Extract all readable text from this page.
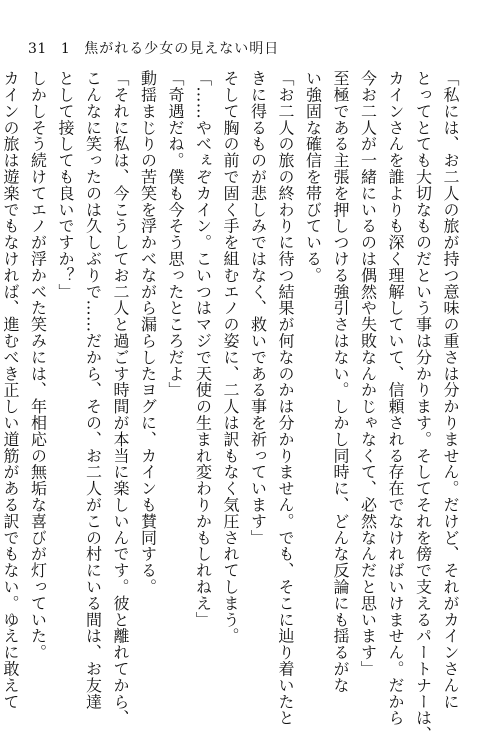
31 1 焦がれる少女の見えない明日
「私には、お二人の旅が持つ意味の重さは分かりません。だけど、それがカインさんに
とってとても大切なものだという事は分かります。そしてそれを傍で支えるパートナーは、
カインさんを誰よりも深く理解していて、信頼される存在でなければいけません。だから
今お二人が一緒にいるのは偶然や失敗なんかじゃなくて、必然なんだと思います」
至極である主張を押しつける強引さはない。しかし同時に、どんな反論にも揺るがな
い強固な確信を帯びている。
「お二人の旅の終わりに待つ結果が何なのかは分かりません。でも、そこに辿り着いたと
きに得るものが悲しみではなく、救いである事を祈っています」
そして胸の前で固く手を組むエノの姿に、二人は訳もなく気圧されてしまう。
「……やべぇぞカイン。こいつはマジで天使の生まれ変わりかもしれねえ」
「奇遇だね。僕も今そう思ったところだよ」
動揺まじりの苦笑を浮かべながら漏らしたヨグに、カインも賛同する。
「それに私は、今こうしてお二人と過ごす時間が本当に楽しいんです。彼と離れてから、
こんなに笑ったのは久しぶりで……だから、その、お二人がこの村にいる間は、お友達
として接しても良いですか？」
しかしそう続けてエノが浮かべた笑みには、年相応の無垢な喜びが灯っていた。
カインの旅は遊楽でもなければ、進むべき正しい道筋がある訳でもない。ゆえに敢えて
